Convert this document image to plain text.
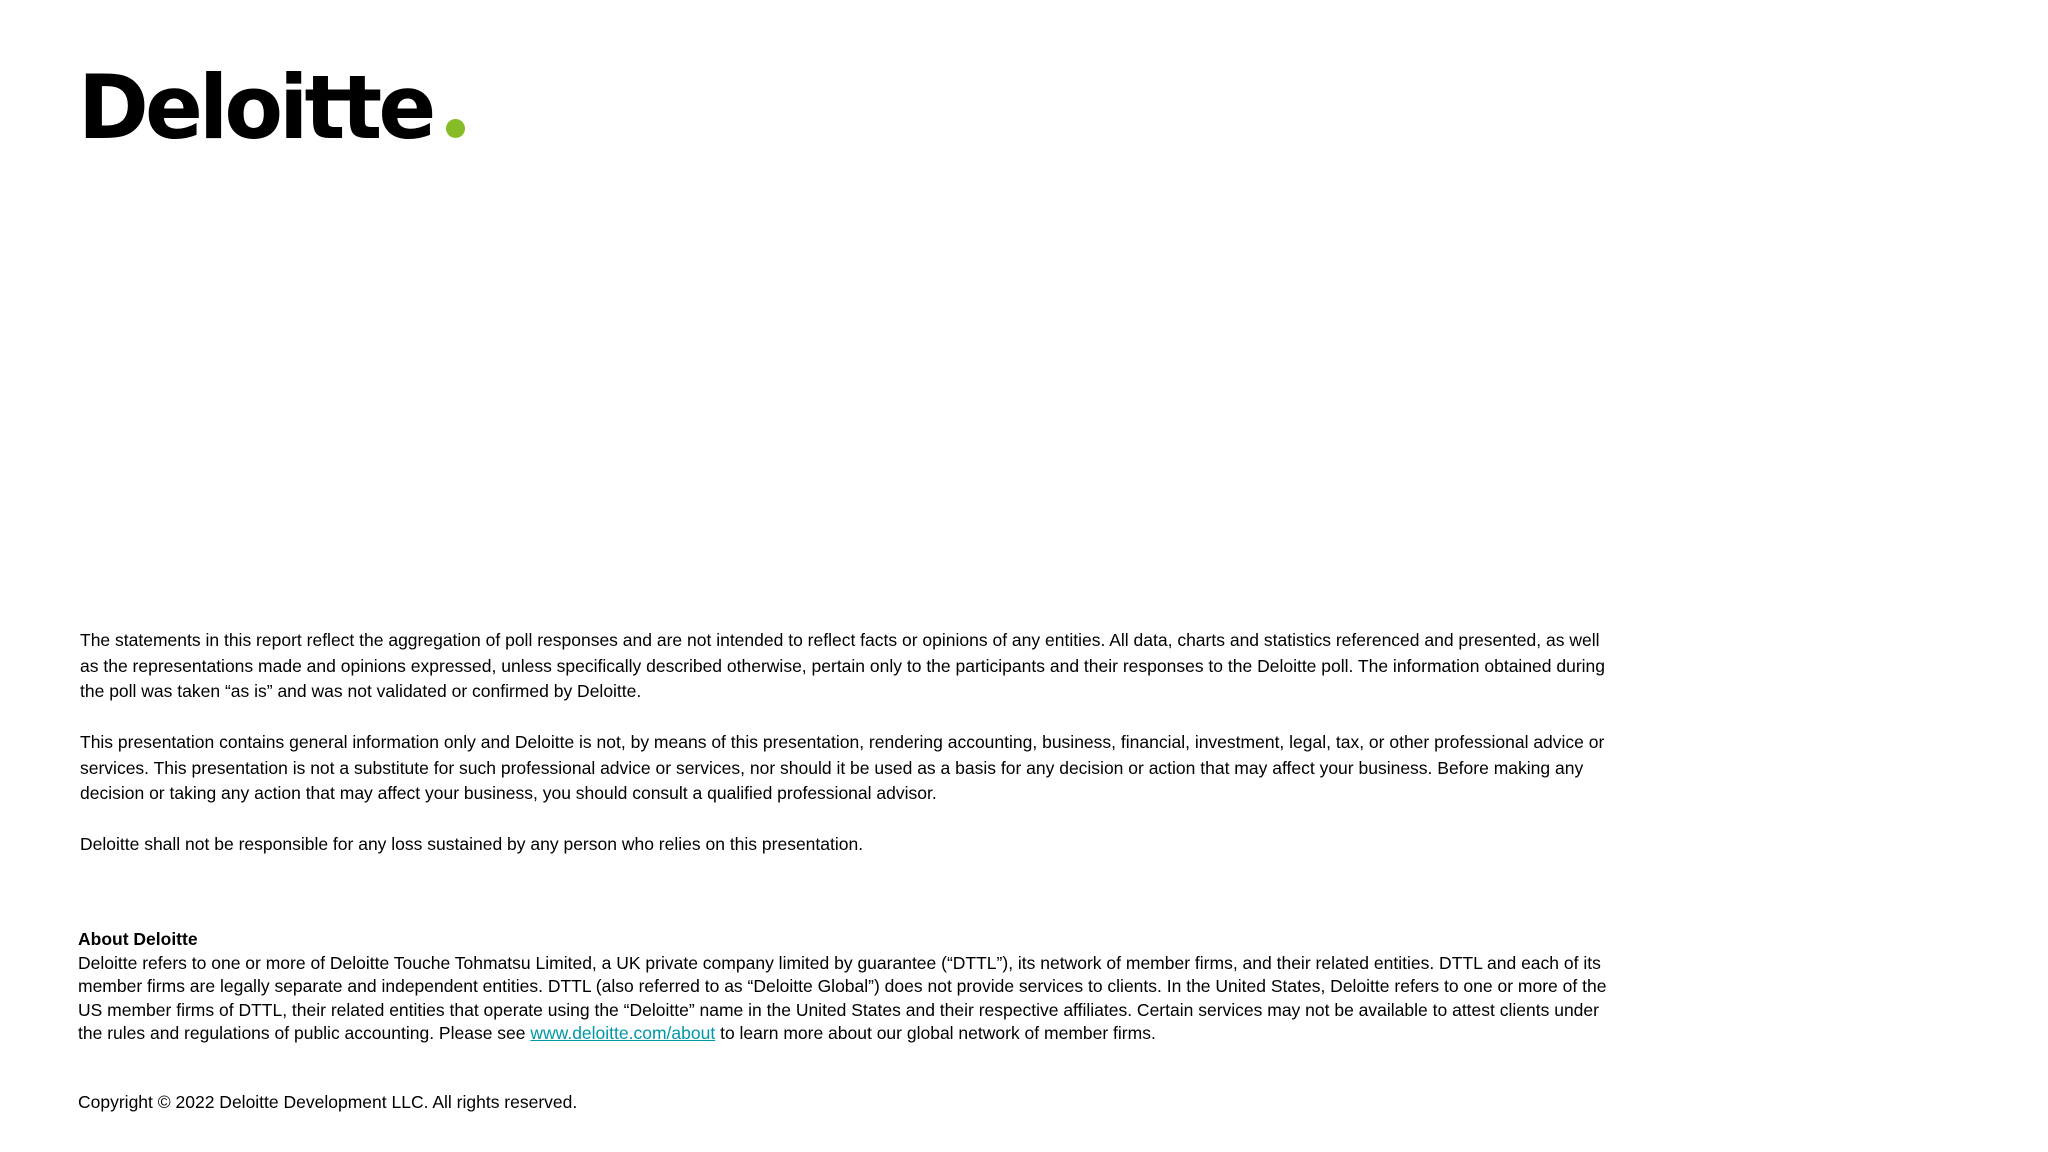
Deloitte

The statements in this report reflect the aggregation of poll responses and are not intended to reflect facts or opinions of any entities. All data, charts and statistics referenced and presented, as well as the representations made and opinions expressed, unless specifically described otherwise, pertain only to the participants and their responses to the Deloitte poll. The information obtained during the poll was taken “as is” and was not validated or confirmed by Deloitte.

This presentation contains general information only and Deloitte is not, by means of this presentation, rendering accounting, business, financial, investment, legal, tax, or other professional advice or services. This presentation is not a substitute for such professional advice or services, nor should it be used as a basis for any decision or action that may affect your business. Before making any decision or taking any action that may affect your business, you should consult a qualified professional advisor.

Deloitte shall not be responsible for any loss sustained by any person who relies on this presentation.

About Deloitte
Deloitte refers to one or more of Deloitte Touche Tohmatsu Limited, a UK private company limited by guarantee (“DTTL”), its network of member firms, and their related entities. DTTL and each of its member firms are legally separate and independent entities. DTTL (also referred to as “Deloitte Global”) does not provide services to clients. In the United States, Deloitte refers to one or more of the US member firms of DTTL, their related entities that operate using the “Deloitte” name in the United States and their respective affiliates. Certain services may not be available to attest clients under the rules and regulations of public accounting. Please see www.deloitte.com/about to learn more about our global network of member firms.
Copyright © 2022 Deloitte Development LLC. All rights reserved.
